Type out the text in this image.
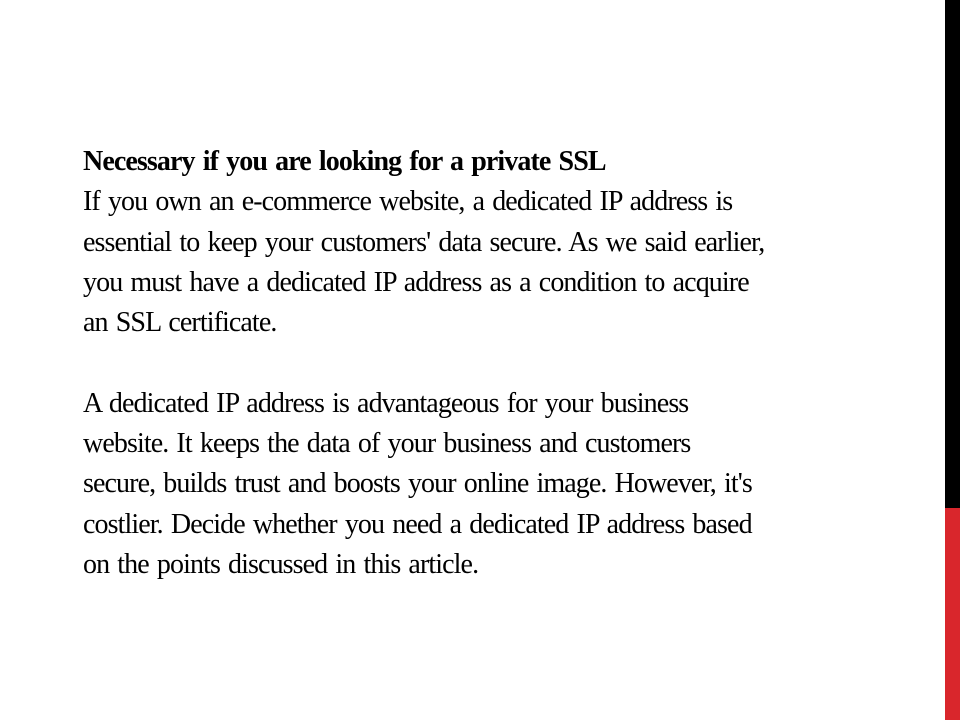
Necessary if you are looking for a private SSL
If you own an e-commerce website, a dedicated IP address is
essential to keep your customers' data secure. As we said earlier,
you must have a dedicated IP address as a condition to acquire
an SSL certificate.
A dedicated IP address is advantageous for your business
website. It keeps the data of your business and customers
secure, builds trust and boosts your online image. However, it's
costlier. Decide whether you need a dedicated IP address based
on the points discussed in this article.
